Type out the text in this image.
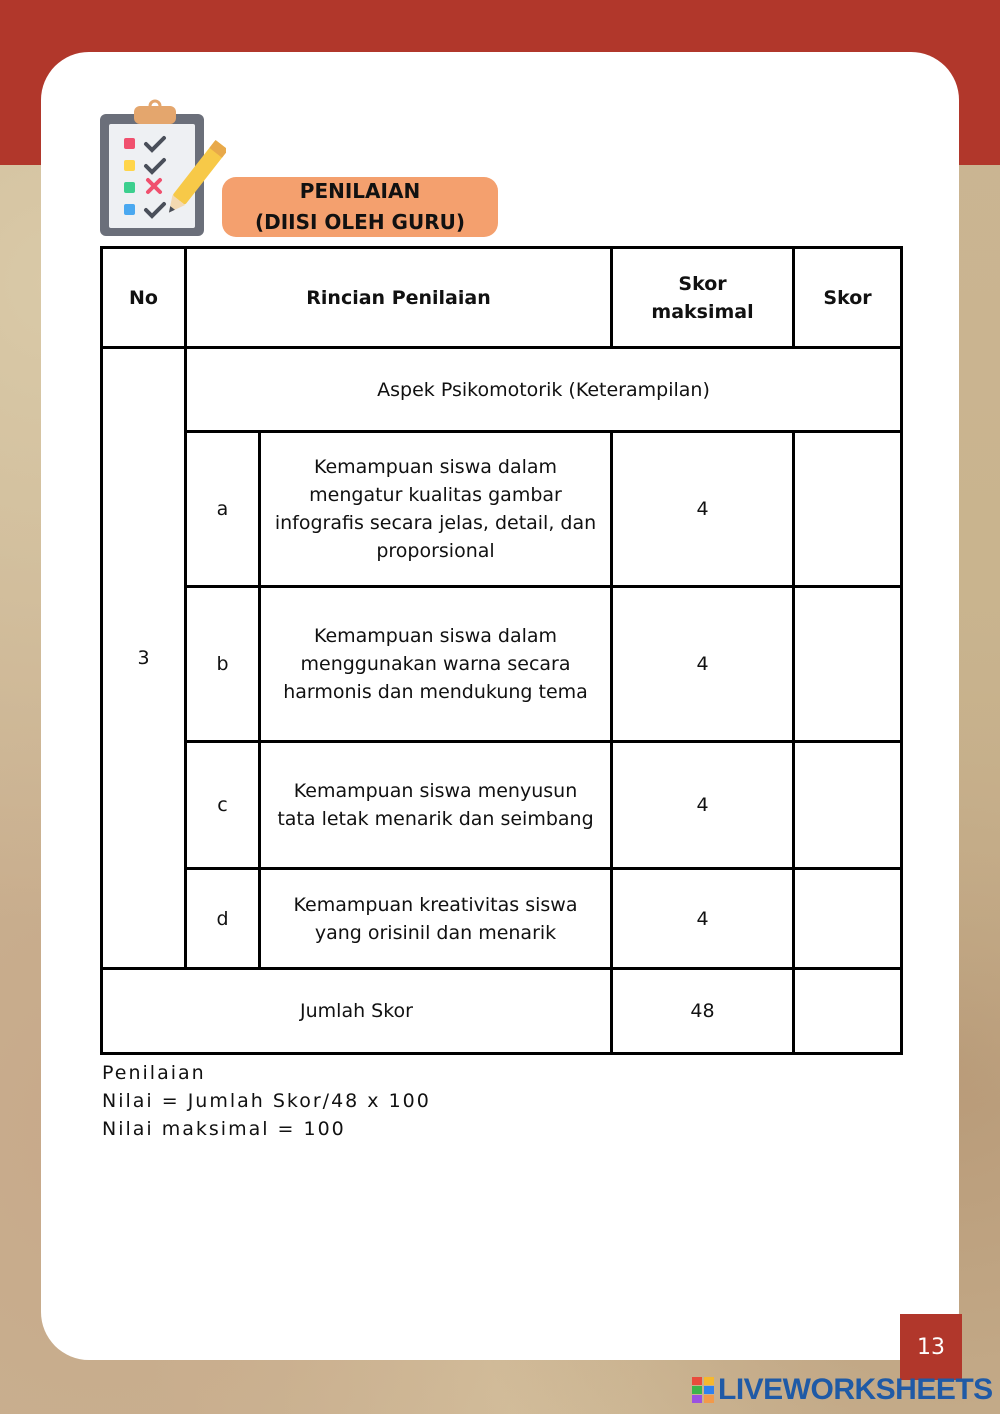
PENILAIAN
(DIISI OLEH GURU)
No	Rincian Penilaian		Skor maksimal	Skor
3	Aspek Psikomotorik (Keterampilan)			
	a	Kemampuan siswa dalam mengatur kualitas gambar infografis secara jelas, detail, dan proporsional	4	
	b	Kemampuan siswa dalam menggunakan warna secara harmonis dan mendukung tema	4	
	c	Kemampuan siswa menyusun tata letak menarik dan seimbang	4	
	d	Kemampuan kreativitas siswa yang orisinil dan menarik	4	
Jumlah Skor			48	
Penilaian
Nilai = Jumlah Skor/48 x 100
Nilai maksimal = 100
13
LIVEWORKSHEETS
